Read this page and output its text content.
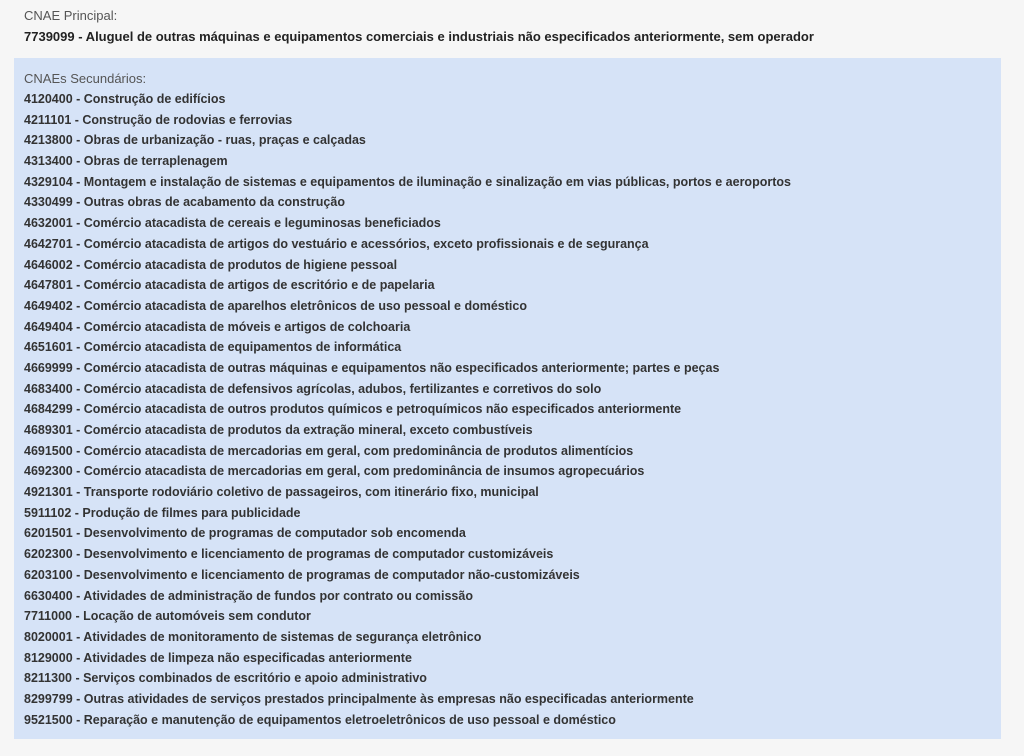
CNAE Principal:
7739099 - Aluguel de outras máquinas e equipamentos comerciais e industriais não especificados anteriormente, sem operador
CNAEs Secundários:
4120400 - Construção de edifícios
4211101 - Construção de rodovias e ferrovias
4213800 - Obras de urbanização - ruas, praças e calçadas
4313400 - Obras de terraplenagem
4329104 - Montagem e instalação de sistemas e equipamentos de iluminação e sinalização em vias públicas, portos e aeroportos
4330499 - Outras obras de acabamento da construção
4632001 - Comércio atacadista de cereais e leguminosas beneficiados
4642701 - Comércio atacadista de artigos do vestuário e acessórios, exceto profissionais e de segurança
4646002 - Comércio atacadista de produtos de higiene pessoal
4647801 - Comércio atacadista de artigos de escritório e de papelaria
4649402 - Comércio atacadista de aparelhos eletrônicos de uso pessoal e doméstico
4649404 - Comércio atacadista de móveis e artigos de colchoaria
4651601 - Comércio atacadista de equipamentos de informática
4669999 - Comércio atacadista de outras máquinas e equipamentos não especificados anteriormente; partes e peças
4683400 - Comércio atacadista de defensivos agrícolas, adubos, fertilizantes e corretivos do solo
4684299 - Comércio atacadista de outros produtos químicos e petroquímicos não especificados anteriormente
4689301 - Comércio atacadista de produtos da extração mineral, exceto combustíveis
4691500 - Comércio atacadista de mercadorias em geral, com predominância de produtos alimentícios
4692300 - Comércio atacadista de mercadorias em geral, com predominância de insumos agropecuários
4921301 - Transporte rodoviário coletivo de passageiros, com itinerário fixo, municipal
5911102 - Produção de filmes para publicidade
6201501 - Desenvolvimento de programas de computador sob encomenda
6202300 - Desenvolvimento e licenciamento de programas de computador customizáveis
6203100 - Desenvolvimento e licenciamento de programas de computador não-customizáveis
6630400 - Atividades de administração de fundos por contrato ou comissão
7711000 - Locação de automóveis sem condutor
8020001 - Atividades de monitoramento de sistemas de segurança eletrônico
8129000 - Atividades de limpeza não especificadas anteriormente
8211300 - Serviços combinados de escritório e apoio administrativo
8299799 - Outras atividades de serviços prestados principalmente às empresas não especificadas anteriormente
9521500 - Reparação e manutenção de equipamentos eletroeletrônicos de uso pessoal e doméstico
